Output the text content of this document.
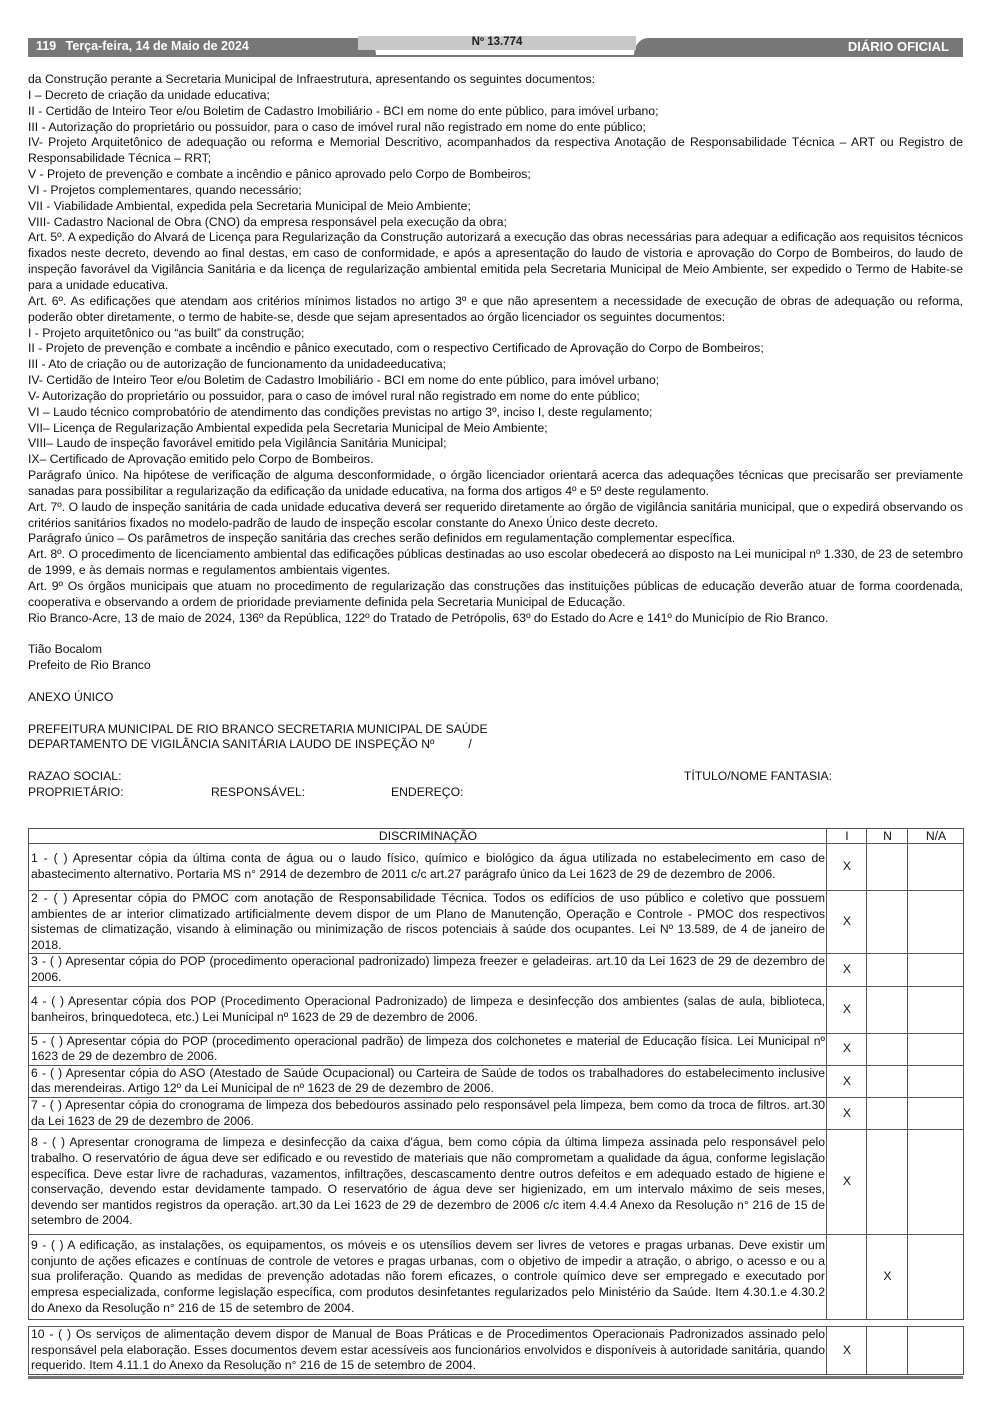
119 Terça-feira, 14 de Maio de 2024	Nº 13.774	DIÁRIO OFICIAL

da Construção perante a Secretaria Municipal de Infraestrutura, apresentando os seguintes documentos:

I – Decreto de criação da unidade educativa;

II - Certidão de Inteiro Teor e/ou Boletim de Cadastro Imobiliário - BCI em nome do ente público, para imóvel urbano;

III - Autorização do proprietário ou possuidor, para o caso de imóvel rural não registrado em nome do ente público;

IV- Projeto Arquitetônico de adequação ou reforma e Memorial Descritivo, acompanhados da respectiva Anotação de Responsabilidade Técnica – ART ou Registro de Responsabilidade Técnica – RRT;

V - Projeto de prevenção e combate a incêndio e pânico aprovado pelo Corpo de Bombeiros;

VI - Projetos complementares, quando necessário;

VII - Viabilidade Ambiental, expedida pela Secretaria Municipal de Meio Ambiente;

VIII- Cadastro Nacional de Obra (CNO) da empresa responsável pela execução da obra;

Art. 5º. A expedição do Alvará de Licença para Regularização da Construção autorizará a execução das obras necessárias para adequar a edificação aos requisitos técnicos fixados neste decreto, devendo ao final destas, em caso de conformidade, e após a apresentação do laudo de vistoria e aprovação do Corpo de Bombeiros, do laudo de inspeção favorável da Vigilância Sanitária e da licença de regularização ambiental emitida pela Secretaria Municipal de Meio Ambiente, ser expedido o Termo de Habite-se para a unidade educativa.

Art. 6º. As edificações que atendam aos critérios mínimos listados no artigo 3º e que não apresentem a necessidade de execução de obras de adequação ou reforma, poderão obter diretamente, o termo de habite-se, desde que sejam apresentados ao órgão licenciador os seguintes documentos:

I - Projeto arquitetônico ou “as built” da construção;

II - Projeto de prevenção e combate a incêndio e pânico executado, com o respectivo Certificado de Aprovação do Corpo de Bombeiros;

III - Ato de criação ou de autorização de funcionamento da unidadeeducativa;

IV- Certidão de Inteiro Teor e/ou Boletim de Cadastro Imobiliário - BCI em nome do ente público, para imóvel urbano;

V- Autorização do proprietário ou possuidor, para o caso de imóvel rural não registrado em nome do ente público;

VI – Laudo técnico comprobatório de atendimento das condições previstas no artigo 3º, inciso I, deste regulamento;

VII– Licença de Regularização Ambiental expedida pela Secretaria Municipal de Meio Ambiente;

VIII– Laudo de inspeção favorável emitido pela Vigilância Sanitária Municipal;

IX– Certificado de Aprovação emitido pelo Corpo de Bombeiros.

Parágrafo único. Na hipótese de verificação de alguma desconformidade, o órgão licenciador orientará acerca das adequações técnicas que precisarão ser previamente sanadas para possibilitar a regularização da edificação da unidade educativa, na forma dos artigos 4º e 5º deste regulamento.

Art. 7º. O laudo de inspeção sanitária de cada unidade educativa deverá ser requerido diretamente ao órgão de vigilância sanitária municipal, que o expedirá observando os critérios sanitários fixados no modelo-padrão de laudo de inspeção escolar constante do Anexo Único deste decreto.

Parágrafo único – Os parâmetros de inspeção sanitária das creches serão definidos em regulamentação complementar específica.

Art. 8º. O procedimento de licenciamento ambiental das edificações públicas destinadas ao uso escolar obedecerá ao disposto na Lei municipal nº 1.330, de 23 de setembro de 1999, e às demais normas e regulamentos ambientais vigentes.

Art. 9º Os órgãos municipais que atuam no procedimento de regularização das construções das instituições públicas de educação deverão atuar de forma coordenada, cooperativa e observando a ordem de prioridade previamente definida pela Secretaria Municipal de Educação.

Rio Branco-Acre, 13 de maio de 2024, 136º da República, 122º do Tratado de Petrópolis, 63º do Estado do Acre e 141º do Município de Rio Branco.

Tião Bocalom

Prefeito de Rio Branco

ANEXO ÚNICO

PREFEITURA MUNICIPAL DE RIO BRANCO SECRETARIA MUNICIPAL DE SAÚDE

DEPARTAMENTO DE VIGILÂNCIA SANITÁRIA LAUDO DE INSPEÇÃO Nº          /

RAZAO SOCIAL:	TÍTULO/NOME FANTASIA:

PROPRIETÁRIO:	RESPONSÁVEL:	ENDEREÇO:

DISCRIMINAÇÃO	I	N	N/A
1 - ( ) Apresentar cópia da última conta de água ou o laudo físico, químico e biológico da água utilizada no estabelecimento em caso de abastecimento alternativo. Portaria MS n° 2914 de dezembro de 2011 c/c art.27 parágrafo único da Lei 1623 de 29 de dezembro de 2006.	X		
2 - ( ) Apresentar cópia do PMOC com anotação de Responsabilidade Técnica. Todos os edifícios de uso público e coletivo que possuem ambientes de ar interior climatizado artificialmente devem dispor de um Plano de Manutenção, Operação e Controle - PMOC dos respectivos sistemas de climatização, visando à eliminação ou minimização de riscos potenciais à saúde dos ocupantes. Lei Nº 13.589, de 4 de janeiro de 2018.	X		
3 - ( ) Apresentar cópia do POP (procedimento operacional padronizado) limpeza freezer e geladeiras. art.10 da Lei 1623 de 29 de dezembro de 2006.	X		
4 - ( ) Apresentar cópia dos POP (Procedimento Operacional Padronizado) de limpeza e desinfecção dos ambientes (salas de aula, biblioteca, banheiros, brinquedoteca, etc.) Lei Municipal nº 1623 de 29 de dezembro de 2006.	X		
5 - ( ) Apresentar cópia do POP (procedimento operacional padrão) de limpeza dos colchonetes e material de Educação física. Lei Municipal nº 1623 de 29 de dezembro de 2006.	X		
6 - ( ) Apresentar cópia do ASO (Atestado de Saúde Ocupacional) ou Carteira de Saúde de todos os trabalhadores do estabelecimento inclusive das merendeiras. Artigo 12º da Lei Municipal de nº 1623 de 29 de dezembro de 2006.	X		
7 - ( ) Apresentar cópia do cronograma de limpeza dos bebedouros assinado pelo responsável pela limpeza, bem como da troca de filtros. art.30 da Lei 1623 de 29 de dezembro de 2006.	X		
8 - ( ) Apresentar cronograma de limpeza e desinfecção da caixa d'água, bem como cópia da última limpeza assinada pelo responsável pelo trabalho. O reservatório de água deve ser edificado e ou revestido de materiais que não comprometam a qualidade da água, conforme legislação específica. Deve estar livre de rachaduras, vazamentos, infiltrações, descascamento dentre outros defeitos e em adequado estado de higiene e conservação, devendo estar devidamente tampado. O reservatório de água deve ser higienizado, em um intervalo máximo de seis meses, devendo ser mantidos registros da operação. art.30 da Lei 1623 de 29 de dezembro de 2006 c/c item 4.4.4 Anexo da Resolução n° 216 de 15 de setembro de 2004.	X		
9 - ( ) A edificação, as instalações, os equipamentos, os móveis e os utensílios devem ser livres de vetores e pragas urbanas. Deve existir um conjunto de ações eficazes e contínuas de controle de vetores e pragas urbanas, com o objetivo de impedir a atração, o abrigo, o acesso e ou a sua proliferação. Quando as medidas de prevenção adotadas não forem eficazes, o controle químico deve ser empregado e executado por empresa especializada, conforme legislação específica, com produtos desinfetantes regularizados pelo Ministério da Saúde. Item 4.30.1.e 4.30.2 do Anexo da Resolução n° 216 de 15 de setembro de 2004.		X	

10 - ( ) Os serviços de alimentação devem dispor de Manual de Boas Práticas e de Procedimentos Operacionais Padronizados assinado pelo responsável pela elaboração. Esses documentos devem estar acessíveis aos funcionários envolvidos e disponíveis à autoridade sanitária, quando requerido. Item 4.11.1 do Anexo da Resolução n° 216 de 15 de setembro de 2004.	X		
